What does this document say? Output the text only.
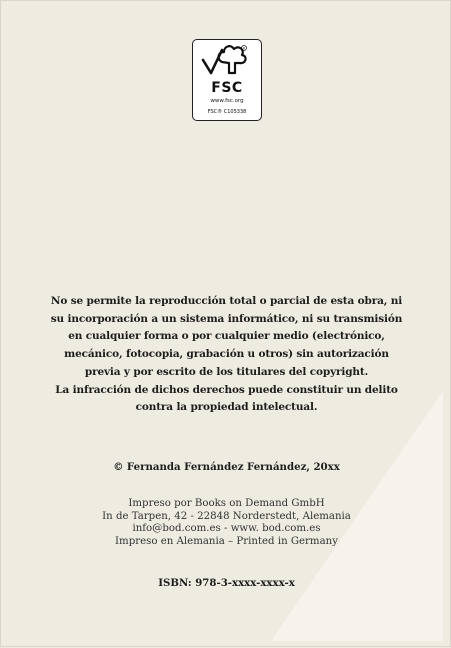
R
FSC
www.fsc.org
FSC® C105338
No se permite la reproducción total o parcial de esta obra, ni
su incorporación a un sistema informático, ni su transmisión
en cualquier forma o por cualquier medio (electrónico,
mecánico, fotocopia, grabación u otros) sin autorización
previa y por escrito de los titulares del copyright.
La infracción de dichos derechos puede constituir un delito
contra la propiedad intelectual.
© Fernanda Fernández Fernández, 20xx
Impreso por Books on Demand GmbH
In de Tarpen, 42 - 22848 Norderstedt, Alemania
info@bod.com.es - www. bod.com.es
Impreso en Alemania – Printed in Germany
ISBN: 978-3-xxxx-xxxx-x
